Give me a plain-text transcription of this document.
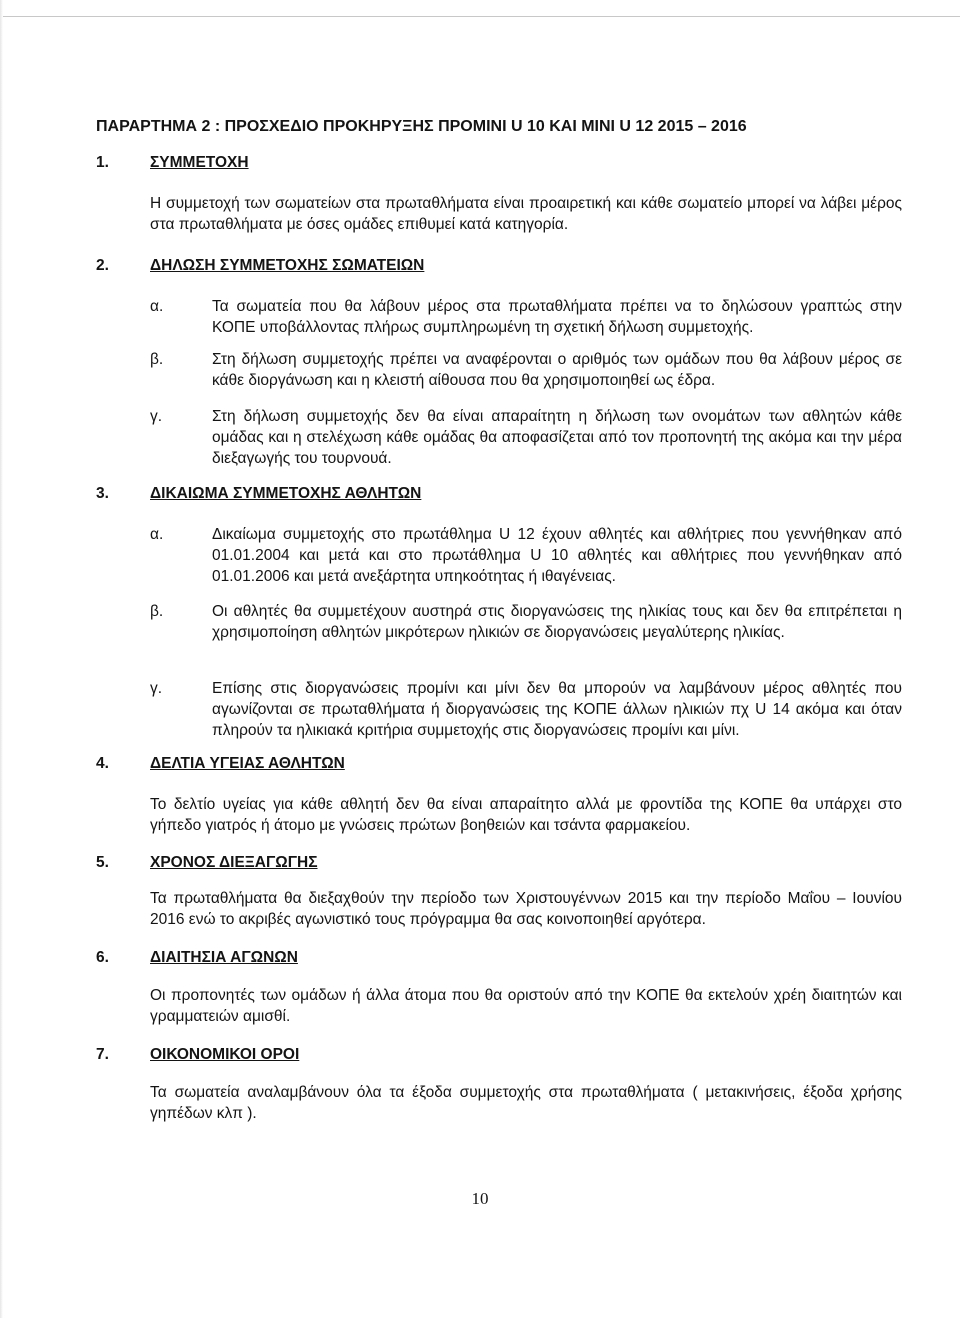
ΠΑΡΑΡΤΗΜΑ 2 : ΠΡΟΣΧΕΔΙΟ ΠΡΟΚΗΡΥΞΗΣ ΠΡΟΜΙΝΙ U 10 ΚΑΙ ΜΙΝΙ U 12 2015 – 2016
1.	ΣΥΜΜΕΤΟΧΗ
Η συμμετοχή των σωματείων στα πρωταθλήματα είναι προαιρετική και κάθε σωματείο μπορεί να λάβει μέρος στα πρωταθλήματα με όσες ομάδες επιθυμεί κατά κατηγορία.
2.	ΔΗΛΩΣΗ ΣΥΜΜΕΤΟΧΗΣ ΣΩΜΑΤΕΙΩΝ
α.	Τα σωματεία που θα λάβουν μέρος στα πρωταθλήματα πρέπει να το δηλώσουν γραπτώς στην ΚΟΠΕ υποβάλλοντας πλήρως συμπληρωμένη τη σχετική δήλωση συμμετοχής.
β.	Στη δήλωση συμμετοχής πρέπει να αναφέρονται ο αριθμός των ομάδων που θα λάβουν μέρος σε κάθε διοργάνωση και η κλειστή αίθουσα που θα χρησιμοποιηθεί ως έδρα.
γ.	Στη δήλωση συμμετοχής δεν θα είναι απαραίτητη η δήλωση των ονομάτων των αθλητών κάθε ομάδας και η στελέχωση κάθε ομάδας θα αποφασίζεται από τον προπονητή της ακόμα και την μέρα διεξαγωγής του τουρνουά.
3.	ΔΙΚΑΙΩΜΑ ΣΥΜΜΕΤΟΧΗΣ ΑΘΛΗΤΩΝ
α.	Δικαίωμα συμμετοχής στο πρωτάθλημα U 12 έχουν αθλητές και αθλήτριες που γεννήθηκαν από 01.01.2004 και μετά και στο πρωτάθλημα U 10 αθλητές και αθλήτριες που γεννήθηκαν από 01.01.2006 και μετά ανεξάρτητα υπηκοότητας ή ιθαγένειας.
β.	Οι αθλητές θα συμμετέχουν αυστηρά στις διοργανώσεις της ηλικίας τους και δεν θα επιτρέπεται η χρησιμοποίηση αθλητών μικρότερων ηλικιών σε διοργανώσεις μεγαλύτερης ηλικίας.
γ.	Επίσης στις διοργανώσεις προμίνι και μίνι δεν θα μπορούν να λαμβάνουν μέρος αθλητές που αγωνίζονται σε πρωταθλήματα ή διοργανώσεις της ΚΟΠΕ άλλων ηλικιών πχ U 14 ακόμα και όταν πληρούν τα ηλικιακά κριτήρια συμμετοχής στις διοργανώσεις προμίνι και μίνι.
4.	ΔΕΛΤΙΑ ΥΓΕΙΑΣ ΑΘΛΗΤΩΝ
Το δελτίο υγείας για κάθε αθλητή δεν θα είναι απαραίτητο αλλά με φροντίδα της ΚΟΠΕ θα υπάρχει στο γήπεδο γιατρός ή άτομο με γνώσεις πρώτων βοηθειών και τσάντα φαρμακείου.
5.	ΧΡΟΝΟΣ ΔΙΕΞΑΓΩΓΗΣ
Τα πρωταθλήματα θα διεξαχθούν την περίοδο των Χριστουγέννων 2015 και την περίοδο Μαΐου – Ιουνίου 2016 ενώ το ακριβές αγωνιστικό τους πρόγραμμα θα σας κοινοποιηθεί αργότερα.
6.	ΔΙΑΙΤΗΣΙΑ ΑΓΩΝΩΝ
Οι προπονητές των ομάδων ή άλλα άτομα που θα οριστούν από την ΚΟΠΕ θα εκτελούν χρέη διαιτητών και γραμματειών αμισθί.
7.	ΟΙΚΟΝΟΜΙΚΟΙ ΟΡΟΙ
Τα σωματεία αναλαμβάνουν όλα τα έξοδα συμμετοχής στα πρωταθλήματα ( μετακινήσεις, έξοδα χρήσης γηπέδων κλπ ).
10
